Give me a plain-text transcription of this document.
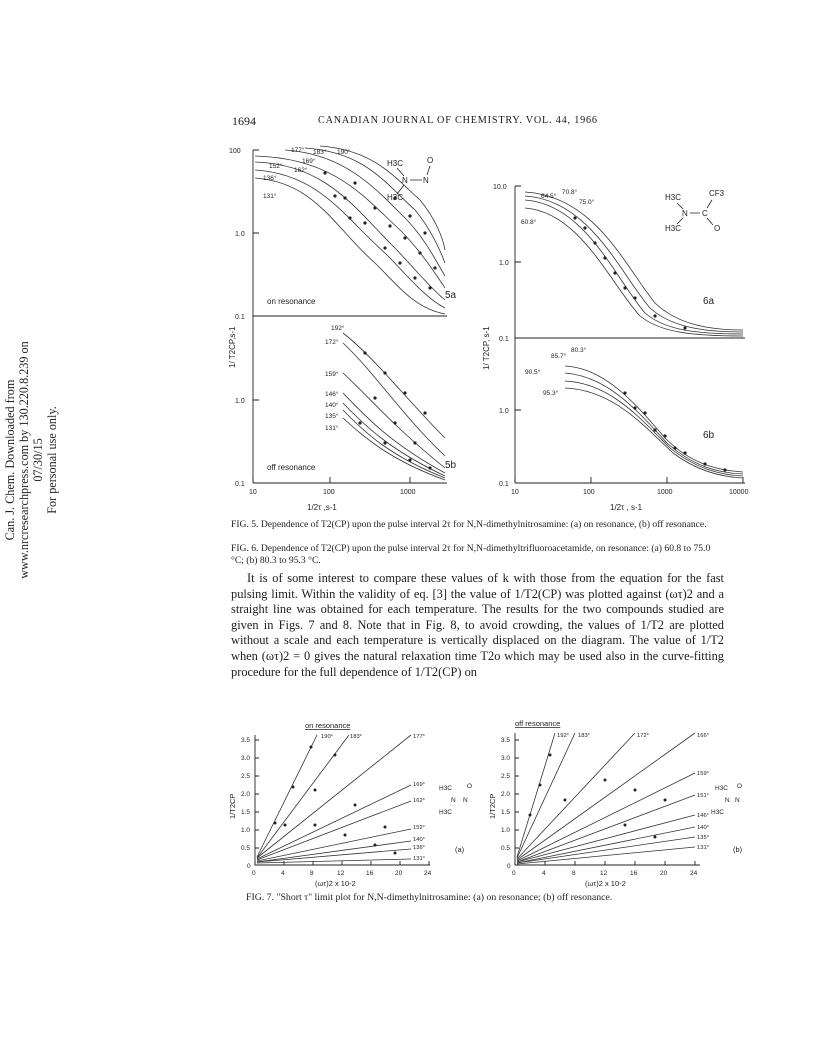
Can. J. Chem. Downloaded from www.nrcresearchpress.com by 130.220.8.239 on 07/30/15 For personal use only.
1694	CANADIAN JOURNAL OF CHEMISTRY. VOL. 44, 1966
100
1.0
0.1
1.0
0.1
10	100	1000
1/2τ ,s-1
1/ T2CP,s-1
on resonance
off resonance
5a
5b
177° 183° 190°
169°
162°
152°
136°
131°
192°
172°
159°
146°
140°
135°
131°
H3C
N N
O
H3C
10.0
1.0
0.1
1.0
0.1
10	100	1000	10000
1/2τ , s-1
1/ T2CP, s-1
6a
6b
64.5°
70.8°
75.0°
60.8°
85.7°
80.3°
90.5°
95.3°
H3C	CF3
N C
H3C	O
FIG. 5. Dependence of T2(CP) upon the pulse interval 2τ for N,N-dimethylnitrosamine: (a) on resonance, (b) off resonance.
FIG. 6. Dependence of T2(CP) upon the pulse interval 2τ for N,N-dimethyltrifluoroacetamide, on resonance: (a) 60.8 to 75.0 °C; (b) 80.3 to 95.3 °C.

It is of some interest to compare these values of k with those from the equation for the fast pulsing limit. Within the validity of eq. [3] the value of 1/T2(CP) was plotted against (ωτ)2 and a straight line was obtained for each temperature. The results for the two compounds studied are given in Figs. 7 and 8. Note that in Fig. 8, to avoid crowding, the values of 1/T2 are plotted without a scale and each temperature is vertically displaced on the diagram. The value of 1/T2 when (ωτ)2 = 0 gives the natural relaxation time T2o which may be used also in the curve-fitting procedure for the full dependence of 1/T2(CP) on

on resonance	off resonance
3.5
3.0
2.5
2.0
1.5
1.0
0.5
0
3.5
3.0
2.5
2.0
1.5
1.0
0.5
0
0	4	8	12	16	20	24	0	4	8	12	16	20	24
(ωτ)2 x 10-2	(ωτ)2 x 10-2
1/T2CP	1/T2CP
(a)	(b)
190°	183°	177°
169°
162°
152°
140°
136°
131°
192° 183°	172°	166°
159°
151°
146°
140°
135°
131°
H3C
N N
O
H3C
H3C
N N
O
H3C
FIG. 7. "Short τ" limit plot for N,N-dimethylnitrosamine: (a) on resonance; (b) off resonance.
